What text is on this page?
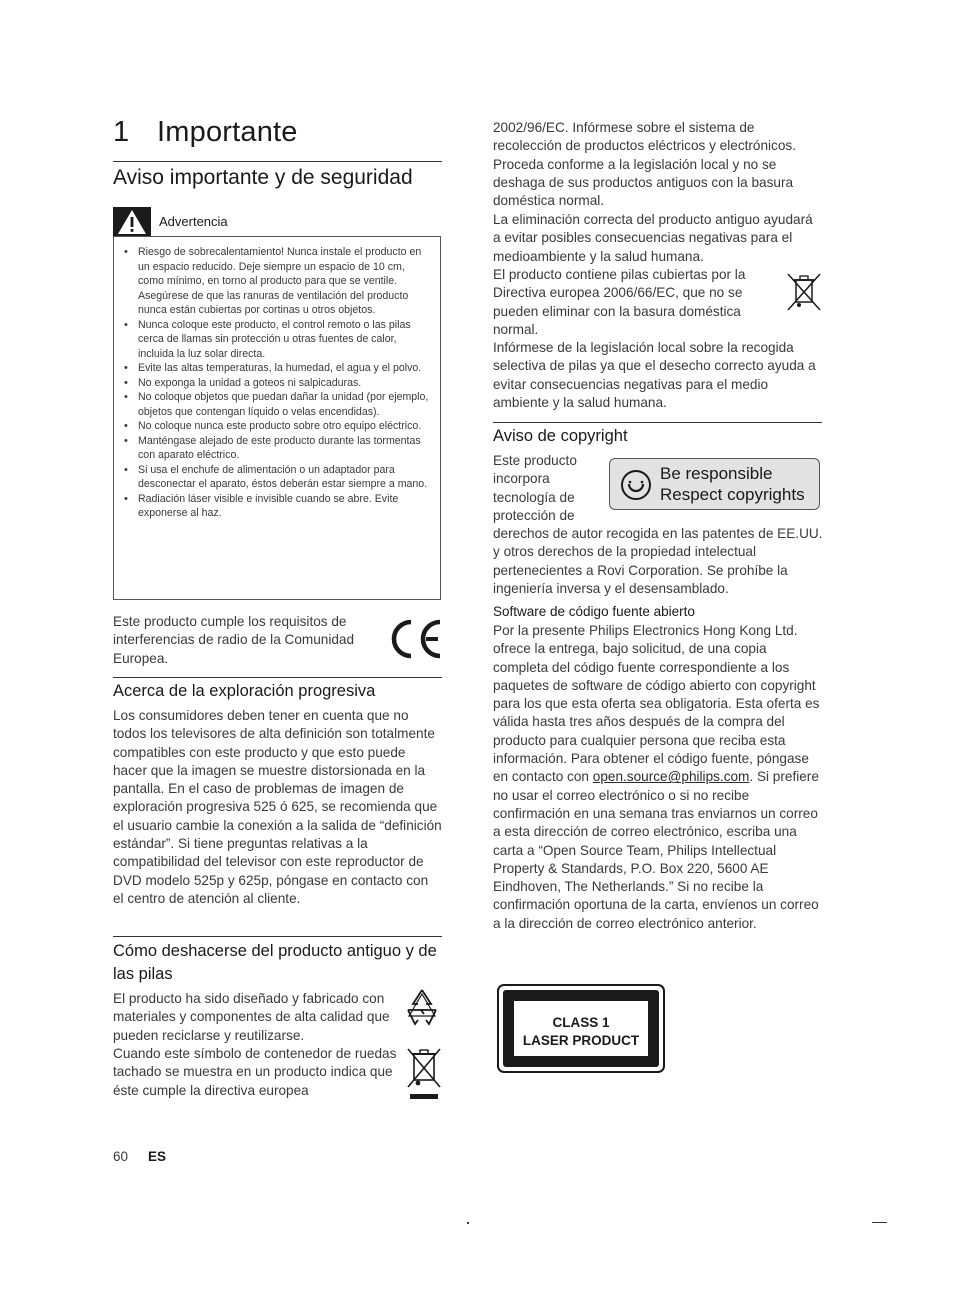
1 Importante
Aviso importante y de seguridad
Advertencia
• Riesgo de sobrecalentamiento! Nunca instale el producto en un espacio reducido. Deje siempre un espacio de 10 cm, como mínimo, en torno al producto para que se ventile. Asegúrese de que las ranuras de ventilación del producto nunca están cubiertas por cortinas u otros objetos.
• Nunca coloque este producto, el control remoto o las pilas cerca de llamas sin protección u otras fuentes de calor, incluida la luz solar directa.
• Evite las altas temperaturas, la humedad, el agua y el polvo.
• No exponga la unidad a goteos ni salpicaduras.
• No coloque objetos que puedan dañar la unidad (por ejemplo, objetos que contengan líquido o velas encendidas).
• No coloque nunca este producto sobre otro equipo eléctrico.
• Manténgase alejado de este producto durante las tormentas con aparato eléctrico.
• Si usa el enchufe de alimentación o un adaptador para desconectar el aparato, éstos deberán estar siempre a mano.
• Radiación láser visible e invisible cuando se abre. Evite exponerse al haz.
Este producto cumple los requisitos de interferencias de radio de la Comunidad Europea.
Acerca de la exploración progresiva
Los consumidores deben tener en cuenta que no todos los televisores de alta definición son totalmente compatibles con este producto y que esto puede hacer que la imagen se muestre distorsionada en la pantalla. En el caso de problemas de imagen de exploración progresiva 525 ó 625, se recomienda que el usuario cambie la conexión a la salida de “definición estándar”. Si tiene preguntas relativas a la compatibilidad del televisor con este reproductor de DVD modelo 525p y 625p, póngase en contacto con el centro de atención al cliente.
Cómo deshacerse del producto antiguo y de las pilas
El producto ha sido diseñado y fabricado con materiales y componentes de alta calidad que pueden reciclarse y reutilizarse.
Cuando este símbolo de contenedor de ruedas tachado se muestra en un producto indica que éste cumple la directiva europea
2002/96/EC. Infórmese sobre el sistema de recolección de productos eléctricos y electrónicos. Proceda conforme a la legislación local y no se deshaga de sus productos antiguos con la basura doméstica normal.
La eliminación correcta del producto antiguo ayudará a evitar posibles consecuencias negativas para el medioambiente y la salud humana.
El producto contiene pilas cubiertas por la Directiva europea 2006/66/EC, que no se pueden eliminar con la basura doméstica normal.
Infórmese de la legislación local sobre la recogida selectiva de pilas ya que el desecho correcto ayuda a evitar consecuencias negativas para el medio ambiente y la salud humana.
Aviso de copyright
Este producto
incorpora
tecnología de
protección de
Be responsible
Respect copyrights
derechos de autor recogida en las patentes de EE.UU. y otros derechos de la propiedad intelectual pertenecientes a Rovi Corporation. Se prohíbe la ingeniería inversa y el desensamblado.
Software de código fuente abierto
Por la presente Philips Electronics Hong Kong Ltd. ofrece la entrega, bajo solicitud, de una copia completa del código fuente correspondiente a los paquetes de software de código abierto con copyright para los que esta oferta sea obligatoria. Esta oferta es válida hasta tres años después de la compra del producto para cualquier persona que reciba esta información. Para obtener el código fuente, póngase en contacto con open.source@philips.com. Si prefiere no usar el correo electrónico o si no recibe confirmación en una semana tras enviarnos un correo a esta dirección de correo electrónico, escriba una carta a “Open Source Team, Philips Intellectual Property & Standards, P.O. Box 220, 5600 AE Eindhoven, The Netherlands.” Si no recibe la confirmación oportuna de la carta, envíenos un correo a la dirección de correo electrónico anterior.
CLASS 1
LASER PRODUCT
60 ES
